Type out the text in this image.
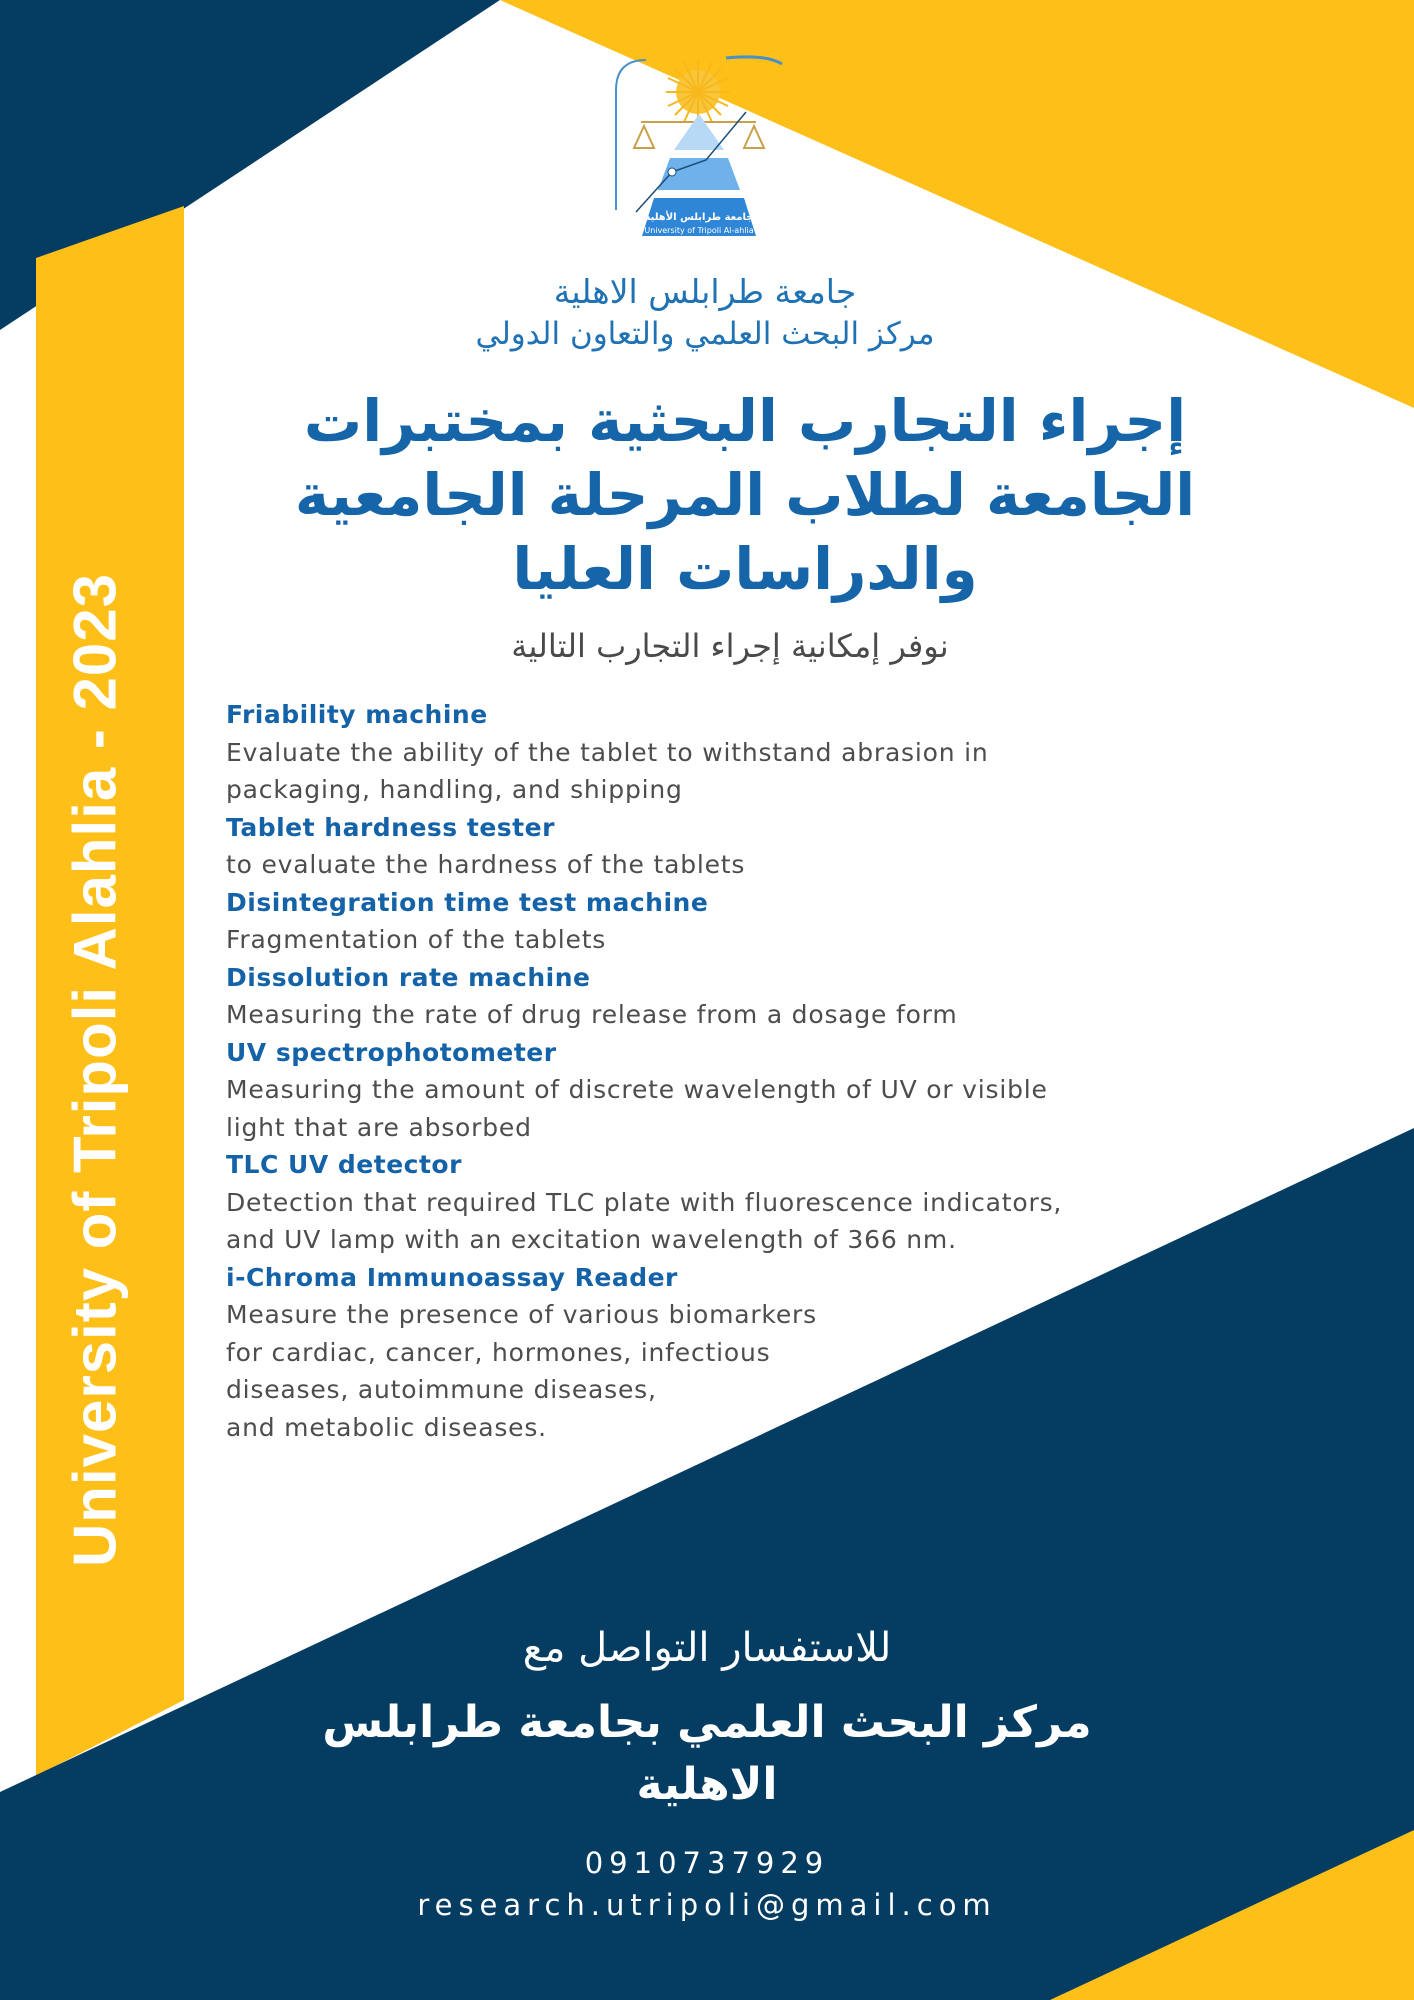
جامعة طرابلس الأهلية
University of Tripoli Al-ahlia
جامعة طرابلس الاهلية
مركز البحث العلمي والتعاون الدولي
إجراء التجارب البحثية بمختبرات الجامعة لطلاب المرحلة الجامعية والدراسات العليا
نوفر إمكانية إجراء التجارب التالية
Friability machine
Evaluate the ability of the tablet to withstand abrasion in
packaging, handling, and shipping
Tablet hardness tester
to evaluate the hardness of the tablets
Disintegration time test machine
Fragmentation of the tablets
Dissolution rate machine
Measuring the rate of drug release from a dosage form
UV spectrophotometer
Measuring the amount of discrete wavelength of UV or visible
light that are absorbed
TLC UV detector
Detection that required TLC plate with fluorescence indicators,
and UV lamp with an excitation wavelength of 366 nm.
i-Chroma Immunoassay Reader
Measure the presence of various biomarkers
for cardiac, cancer, hormones, infectious
diseases, autoimmune diseases,
and metabolic diseases.
University of Tripoli Alahlia - 2023
للاستفسار التواصل مع
مركز البحث العلمي بجامعة طرابلس الاهلية
0910737929
research.utripoli@gmail.com
